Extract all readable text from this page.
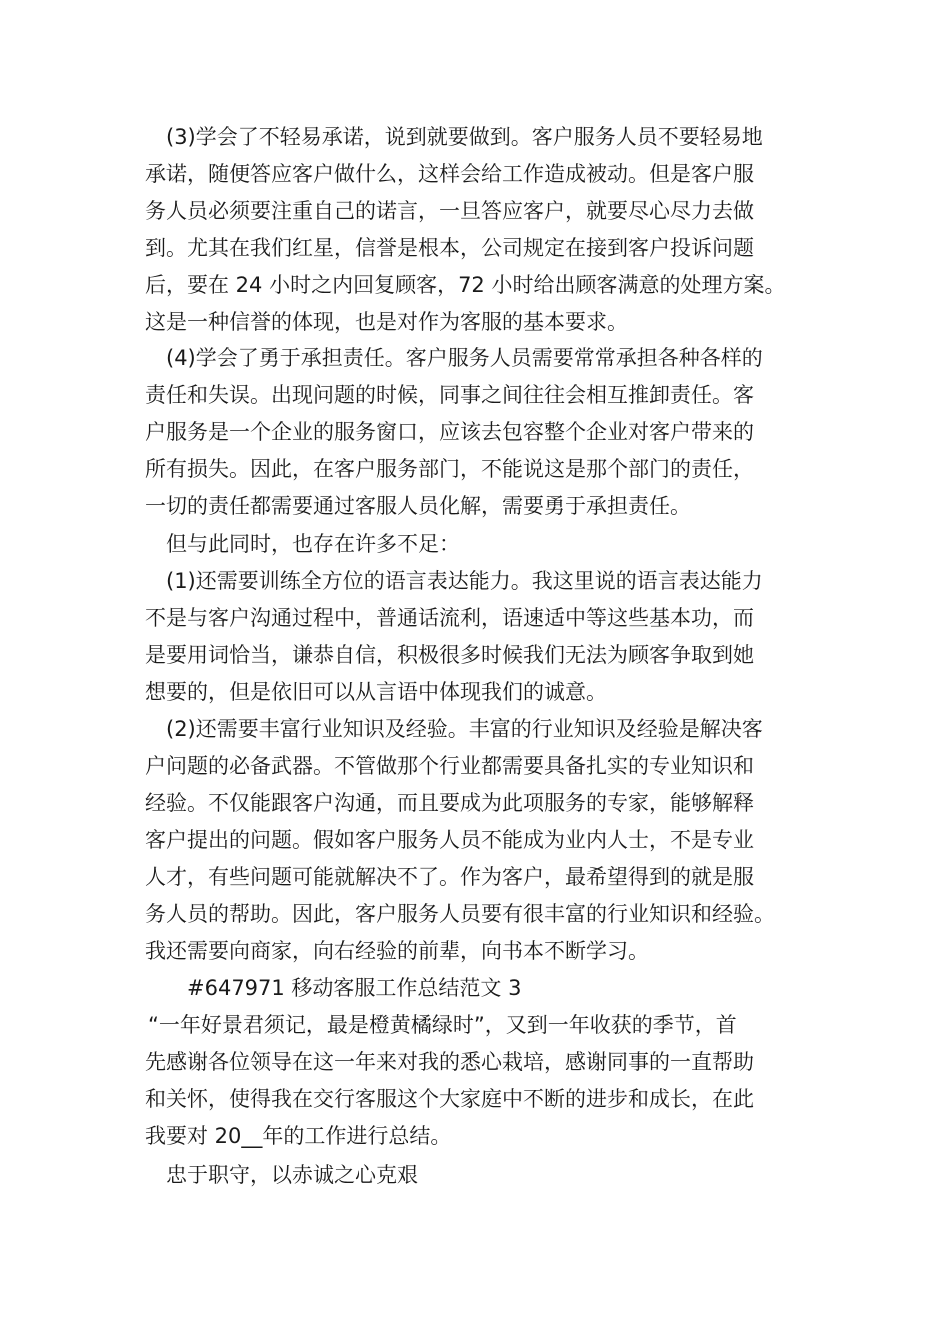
(3)学会了不轻易承诺，说到就要做到。客户服务人员不要轻易地

承诺，随便答应客户做什么，这样会给工作造成被动。但是客户服

务人员必须要注重自己的诺言，一旦答应客户，就要尽心尽力去做

到。尤其在我们红星，信誉是根本，公司规定在接到客户投诉问题

后，要在 24 小时之内回复顾客，72 小时给出顾客满意的处理方案。

这是一种信誉的体现，也是对作为客服的基本要求。

(4)学会了勇于承担责任。客户服务人员需要常常承担各种各样的

责任和失误。出现问题的时候，同事之间往往会相互推卸责任。客

户服务是一个企业的服务窗口，应该去包容整个企业对客户带来的

所有损失。因此，在客户服务部门，不能说这是那个部门的责任，

一切的责任都需要通过客服人员化解，需要勇于承担责任。

但与此同时，也存在许多不足：

(1)还需要训练全方位的语言表达能力。我这里说的语言表达能力

不是与客户沟通过程中，普通话流利，语速适中等这些基本功，而

是要用词恰当，谦恭自信，积极很多时候我们无法为顾客争取到她

想要的，但是依旧可以从言语中体现我们的诚意。

(2)还需要丰富行业知识及经验。丰富的行业知识及经验是解决客

户问题的必备武器。不管做那个行业都需要具备扎实的专业知识和

经验。不仅能跟客户沟通，而且要成为此项服务的专家，能够解释

客户提出的问题。假如客户服务人员不能成为业内人士，不是专业

人才，有些问题可能就解决不了。作为客户，最希望得到的就是服

务人员的帮助。因此，客户服务人员要有很丰富的行业知识和经验。

我还需要向商家，向右经验的前辈，向书本不断学习。

#647971 移动客服工作总结范文 3

“一年好景君须记，最是橙黄橘绿时”，又到一年收获的季节，首

先感谢各位领导在这一年来对我的悉心栽培，感谢同事的一直帮助

和关怀，使得我在交行客服这个大家庭中不断的进步和成长，在此

我要对 20__年的工作进行总结。

忠于职守，以赤诚之心克艰
